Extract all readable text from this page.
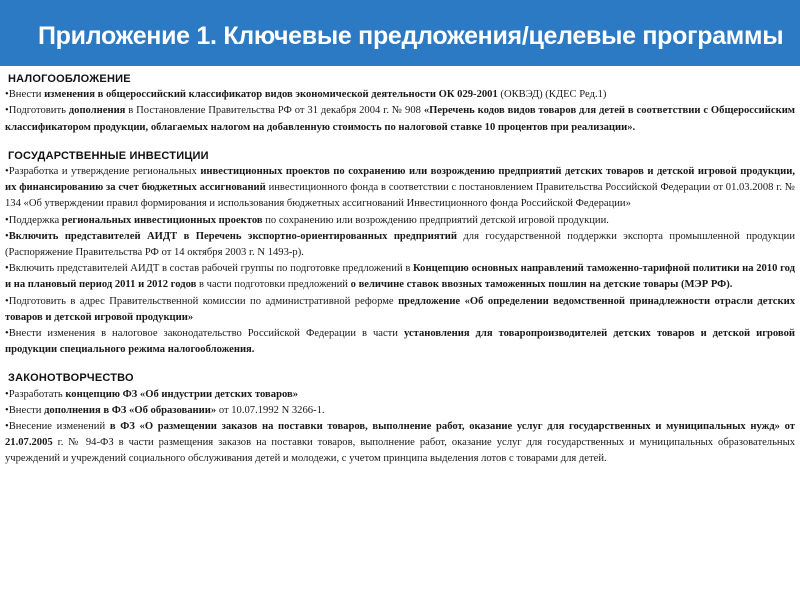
Приложение 1. Ключевые предложения/целевые программы
НАЛОГООБЛОЖЕНИЕ
•Внести изменения в общероссийский классификатор видов экономической деятельности ОК 029-2001 (ОКВЭД) (КДЕС Ред.1)
•Подготовить дополнения в Постановление Правительства РФ от 31 декабря 2004 г. № 908 «Перечень кодов видов товаров для детей в соответствии с Общероссийским классификатором продукции, облагаемых налогом на добавленную стоимость по налоговой ставке 10 процентов при реализации».
ГОСУДАРСТВЕННЫЕ ИНВЕСТИЦИИ
•Разработка и утверждение региональных инвестиционных проектов по сохранению или возрождению предприятий детских товаров и детской игровой продукции, их финансированию за счет бюджетных ассигнований инвестиционного фонда в соответствии с постановлением Правительства Российской Федерации от 01.03.2008 г. № 134 «Об утверждении правил формирования и использования бюджетных ассигнований Инвестиционного фонда Российской Федерации»
•Поддержка региональных инвестиционных проектов по сохранению или возрождению предприятий детской игровой продукции.
•Включить представителей АИДТ в Перечень экспортно-ориентированных предприятий для государственной поддержки экспорта промышленной продукции (Распоряжение Правительства РФ от 14 октября 2003 г. N 1493-р).
•Включить представителей АИДТ в состав рабочей группы по подготовке предложений в Концепцию основных направлений таможенно-тарифной политики на 2010 год и на плановый период 2011 и 2012 годов в части подготовки предложений о величине ставок ввозных таможенных пошлин на детские товары (МЭР РФ).
•Подготовить в адрес Правительственной комиссии по административной реформе предложение «Об определении ведомственной принадлежности отрасли детских товаров и детской игровой продукции»
•Внести изменения в налоговое законодательство Российской Федерации в части установления для товаропроизводителей детских товаров и детской игровой продукции специального режима налогообложения.
ЗАКОНОТВОРЧЕСТВО
•Разработать концепцию ФЗ «Об индустрии детских товаров»
•Внести дополнения в ФЗ «Об образовании» от 10.07.1992 N 3266-1.
•Внесение изменений в ФЗ «О размещении заказов на поставки товаров, выполнение работ, оказание услуг для государственных и муниципальных нужд» от 21.07.2005 г. № 94-ФЗ в части размещения заказов на поставки товаров, выполнение работ, оказание услуг для государственных и муниципальных образовательных учреждений и учреждений социального обслуживания детей и молодежи, с учетом принципа выделения лотов с товарами для детей.
